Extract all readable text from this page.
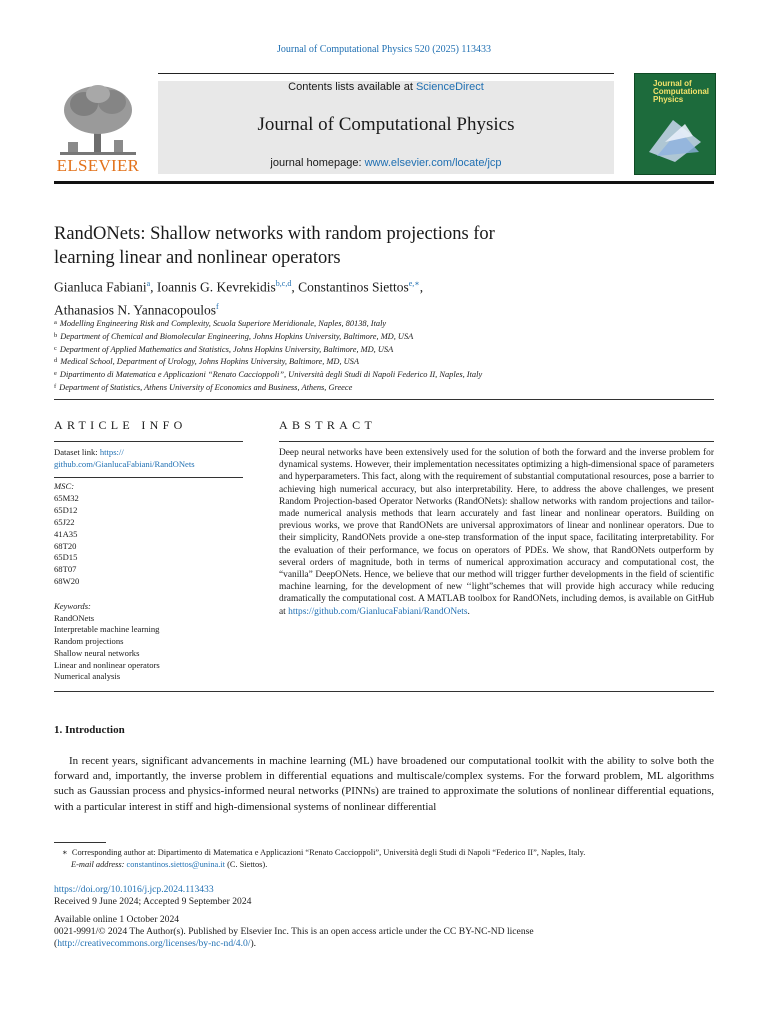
Journal of Computational Physics 520 (2025) 113433
Contents lists available at ScienceDirect
Journal of Computational Physics
journal homepage: www.elsevier.com/locate/jcp
ELSEVIER
Journal of
Computational
Physics
RandONets: Shallow networks with random projections for
learning linear and nonlinear operators
Gianluca Fabiani$^a$, Ioannis G. Kevrekidis$^{b,c,d}$, Constantinos Siettos$^{e,∗}$,
Athanasios N. Yannacopoulos$^f$
$^a$ Modelling Engineering Risk and Complexity, Scuola Superiore Meridionale, Naples, 80138, Italy
$^b$ Department of Chemical and Biomolecular Engineering, Johns Hopkins University, Baltimore, MD, USA
$^c$ Department of Applied Mathematics and Statistics, Johns Hopkins University, Baltimore, MD, USA
$^d$ Medical School, Department of Urology, Johns Hopkins University, Baltimore, MD, USA
$^e$ Dipartimento di Matematica e Applicazioni “Renato Caccioppoli”, Università degli Studi di Napoli Federico II, Naples, Italy
$^f$ Department of Statistics, Athens University of Economics and Business, Athens, Greece
ARTICLE INFO
Dataset link: https://
github.com/GianlucaFabiani/RandONets
MSC:
65M32
65D12
65J22
41A35
68T20
65D15
68T07
68W20
Keywords:
RandONets
Interpretable machine learning
Random projections
Shallow neural networks
Linear and nonlinear operators
Numerical analysis
ABSTRACT
Deep neural networks have been extensively used for the solution of both the forward and the inverse problem for dynamical systems. However, their implementation necessitates optimizing a high-dimensional space of parameters and hyperparameters. This fact, along with the requirement of substantial computational resources, pose a barrier to achieving high numerical accuracy, but also interpretability. Here, to address the above challenges, we present Random Projection-based Operator Networks (RandONets): shallow networks with random projections and tailor-made numerical analysis methods that learn accurately and fast linear and nonlinear operators. Building on previous works, we prove that RandONets are universal approximators of linear and nonlinear operators. Due to their simplicity, RandONets provide a one-step transformation of the input space, facilitating interpretability. For the evaluation of their performance, we focus on operators of PDEs. We show, that RandONets outperform by several orders of magnitude, both in terms of numerical approximation accuracy and computational cost, the “vanilla” DeepONets. Hence, we believe that our method will trigger further developments in the field of scientific machine learning, for the development of new ‘‘light”schemes that will provide high accuracy while reducing dramatically the computational cost. A MATLAB toolbox for RandONets, including demos, is available on GitHub at https://github.com/GianlucaFabiani/RandONets.
1. Introduction
In recent years, significant advancements in machine learning (ML) have broadened our computational toolkit with the ability to solve both the forward and, importantly, the inverse problem in differential equations and multiscale/complex systems. For the forward problem, ML algorithms such as Gaussian process and physics-informed neural networks (PINNs) are trained to approximate the solutions of nonlinear differential equations, with a particular interest in stiff and high-dimensional systems of nonlinear differential
∗ Corresponding author at: Dipartimento di Matematica e Applicazioni “Renato Caccioppoli”, Università degli Studi di Napoli “Federico II”, Naples, Italy.
E-mail address: constantinos.siettos@unina.it (C. Siettos).
https://doi.org/10.1016/j.jcp.2024.113433
Received 9 June 2024; Accepted 9 September 2024
Available online 1 October 2024
0021-9991/© 2024 The Author(s). Published by Elsevier Inc. This is an open access article under the CC BY-NC-ND license
(http://creativecommons.org/licenses/by-nc-nd/4.0/).
